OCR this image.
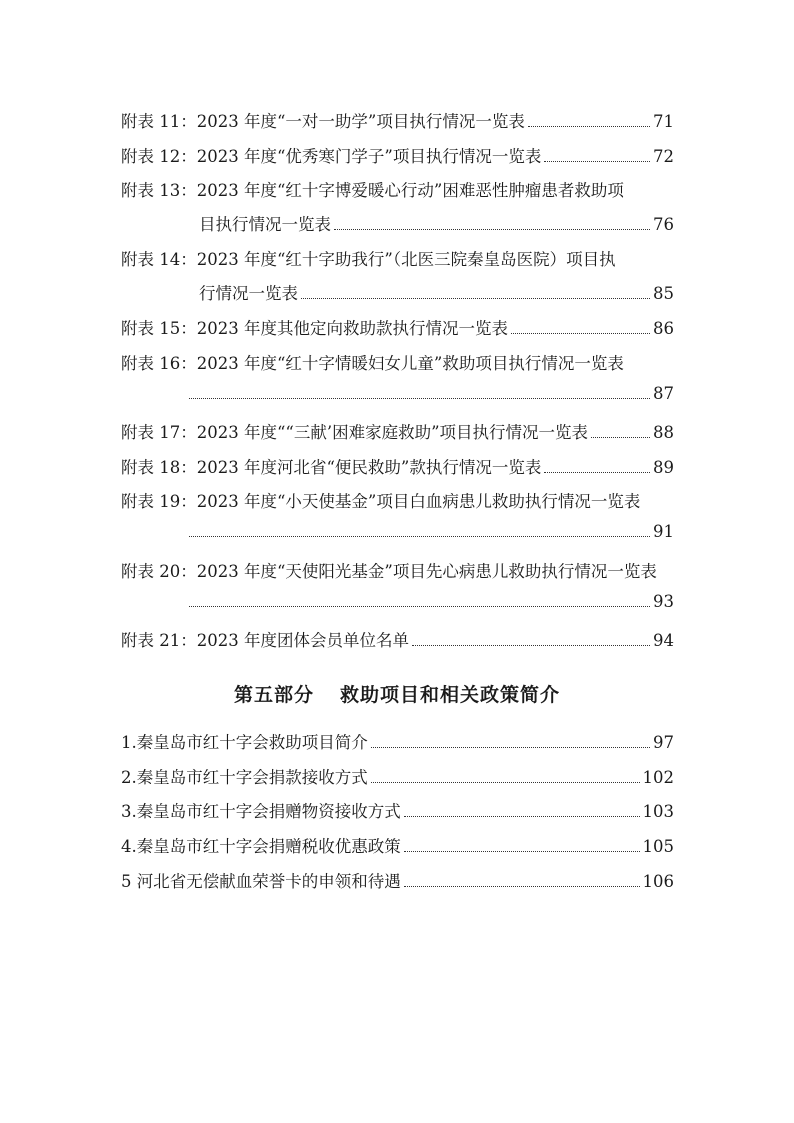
附表 11： 2023 年度“一对一助学”项目执行情况一览表	71
附表 12： 2023 年度“优秀寒门学子”项目执行情况一览表	72
附表 13：2023 年度“红十字博爱暖心行动”困难恶性肿瘤患者救助项
目执行情况一览表	76
附表 14：2023 年度“红十字助我行”（北医三院秦皇岛医院）项目执
行情况一览表	85
附表 15： 2023 年度其他定向救助款执行情况一览表	86
附表 16：2023 年度“红十字情暖妇女儿童”救助项目执行情况一览表
87
附表 17： 2023 年度““三献’困难家庭救助”项目执行情况一览表	88
附表 18： 2023 年度河北省“便民救助”款执行情况一览表	89
附表 19：2023 年度“小天使基金”项目白血病患儿救助执行情况一览表
91
附表 20：2023 年度“天使阳光基金”项目先心病患儿救助执行情况一览表
93
附表 21： 2023 年度团体会员单位名单	94
第五部分 救助项目和相关政策简介
1.秦皇岛市红十字会救助项目简介	97
2.秦皇岛市红十字会捐款接收方式	102
3.秦皇岛市红十字会捐赠物资接收方式	103
4.秦皇岛市红十字会捐赠税收优惠政策	105
5 河北省无偿献血荣誉卡的申领和待遇	106
